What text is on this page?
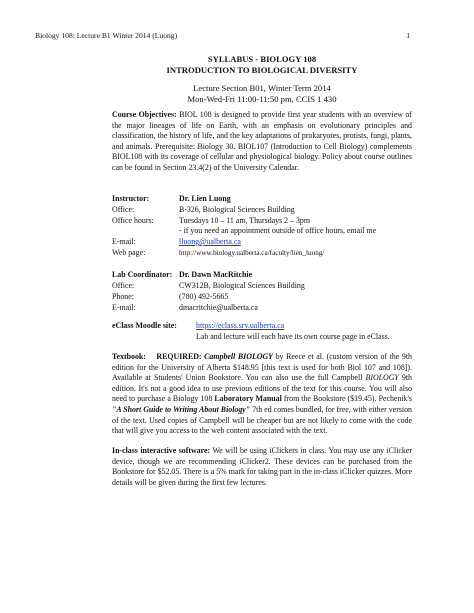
Biology 108: Lecture B1 Winter 2014 (Luong)	1
SYLLABUS - BIOLOGY 108
INTRODUCTION TO BIOLOGICAL DIVERSITY
Lecture Section B01, Winter Term 2014
Mon-Wed-Fri 11:00-11:50 pm, CCIS 1 430
Course Objectives: BIOL 108 is designed to provide first year students with an overview of the major lineages of life on Earth, with an emphasis on evolutionary principles and classification, the history of life, and the key adaptations of prokaryotes, protists, fungi, plants, and animals. Prerequisite: Biology 30. BIOL107 (Introduction to Cell Biology) complements BIOL108 with its coverage of cellular and physiological biology. Policy about course outlines can be found in Section 23.4(2) of the University Calendar.
Instructor:	Dr. Lien Luong
Office:	B-326, Biological Sciences Building
Office hours:	Tuesdays 10 – 11 am, Thursdays 2 – 3pm
- if you need an appointment outside of office hours, email me
E-mail:	lluong@ualberta.ca
Web page:	http://www.biology.ualberta.ca/faculty/lien_luong/
Lab Coordinator: Dr. Dawn MacRitchie
Office:	CW312B, Biological Sciences Building
Phone:	(780) 492-5665
E-mail:	dmacritchie@ualberta.ca
eClass Moodle site:	https://eclass.srv.ualberta.ca
Lab and lecture will each have its own course page in eClass.
Textbook: REQUIRED: Campbell BIOLOGY by Reece et al. (custom version of the 9th edition for the University of Alberta $148.95 [this text is used for both Biol 107 and 108]). Available at Students' Union Bookstore. You can also use the full Campbell BIOLOGY 9th edition. It's not a good idea to use previous editions of the text for this course. You will also need to purchase a Biology 108 Laboratory Manual from the Bookstore ($19.45). Pechenik's "A Short Guide to Writing About Biology" 7th ed comes bundled, for free, with either version of the text. Used copies of Campbell will be cheaper but are not likely to come with the code that will give you access to the web content associated with the text.
In-class interactive software: We will be using iClickers in class. You may use any iClicker device, though we are recommending iClicker2. These devices can be purchased from the Bookstore for $52.05. There is a 5% mark for taking part in the in-class iClicker quizzes. More details will be given during the first few lectures.
